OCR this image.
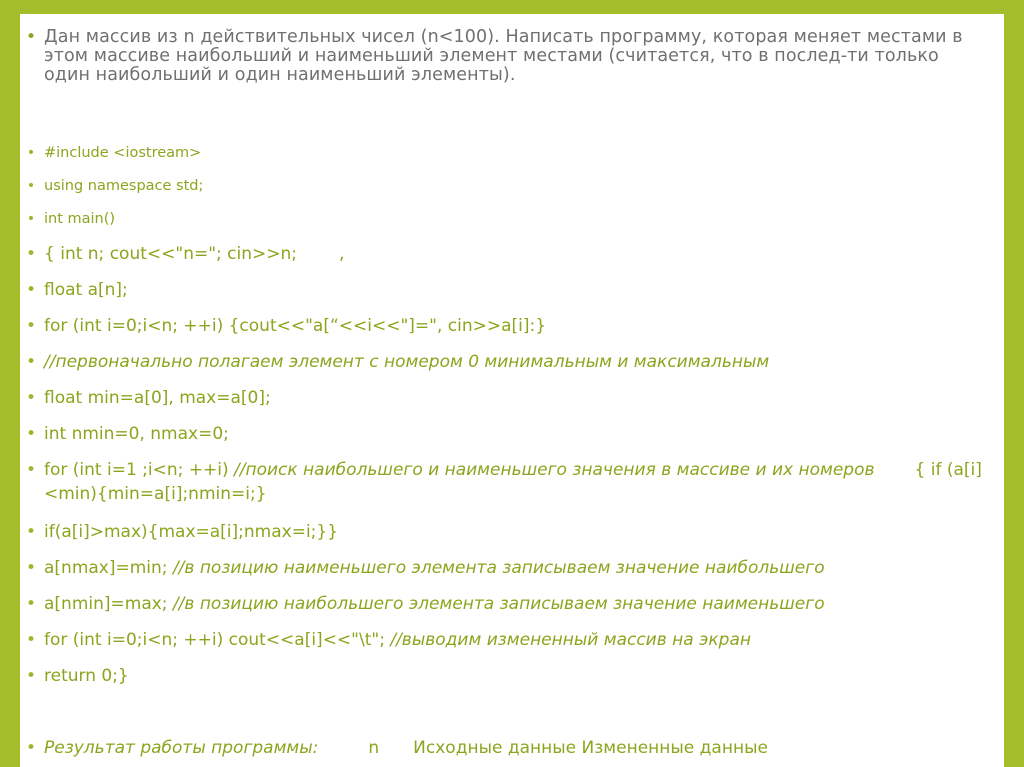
• Дан массив из n действительных чисел (n<100). Написать программу, которая меняет местами в этом массиве наибольший и наименьший элемент местами (считается, что в послед-ти только один наибольший и один наименьший элементы).
• #include <iostream>
• using namespace std;
• int main()
• { int n; cout<<"n="; cin>>n; ,
• float a[n];
• for (int i=0;i<n; ++i) {cout<<"a[“<<i<<"]=", cin>>a[i]:}
• //первоначально полагаем элемент с номером 0 минимальным и максимальным
• float min=a[0], max=a[0];
• int nmin=0, nmax=0;
• for (int i=1 ;i<n; ++i) //поиск наибольшего и наименьшего значения в массиве и их номеров { if (a[i]<min){min=a[i];nmin=i;}
• if(a[i]>max){max=a[i];nmax=i;}}
• a[nmax]=min; //в позицию наименьшего элемента записываем значение наибольшего
• a[nmin]=max; //в позицию наибольшего элемента записываем значение наименьшего
• for (int i=0;i<n; ++i) cout<<a[i]<<"\t"; //выводим измененный массив на экран
• return 0;}
• Результат работы программы:	n Исходные данные Измененные данные
